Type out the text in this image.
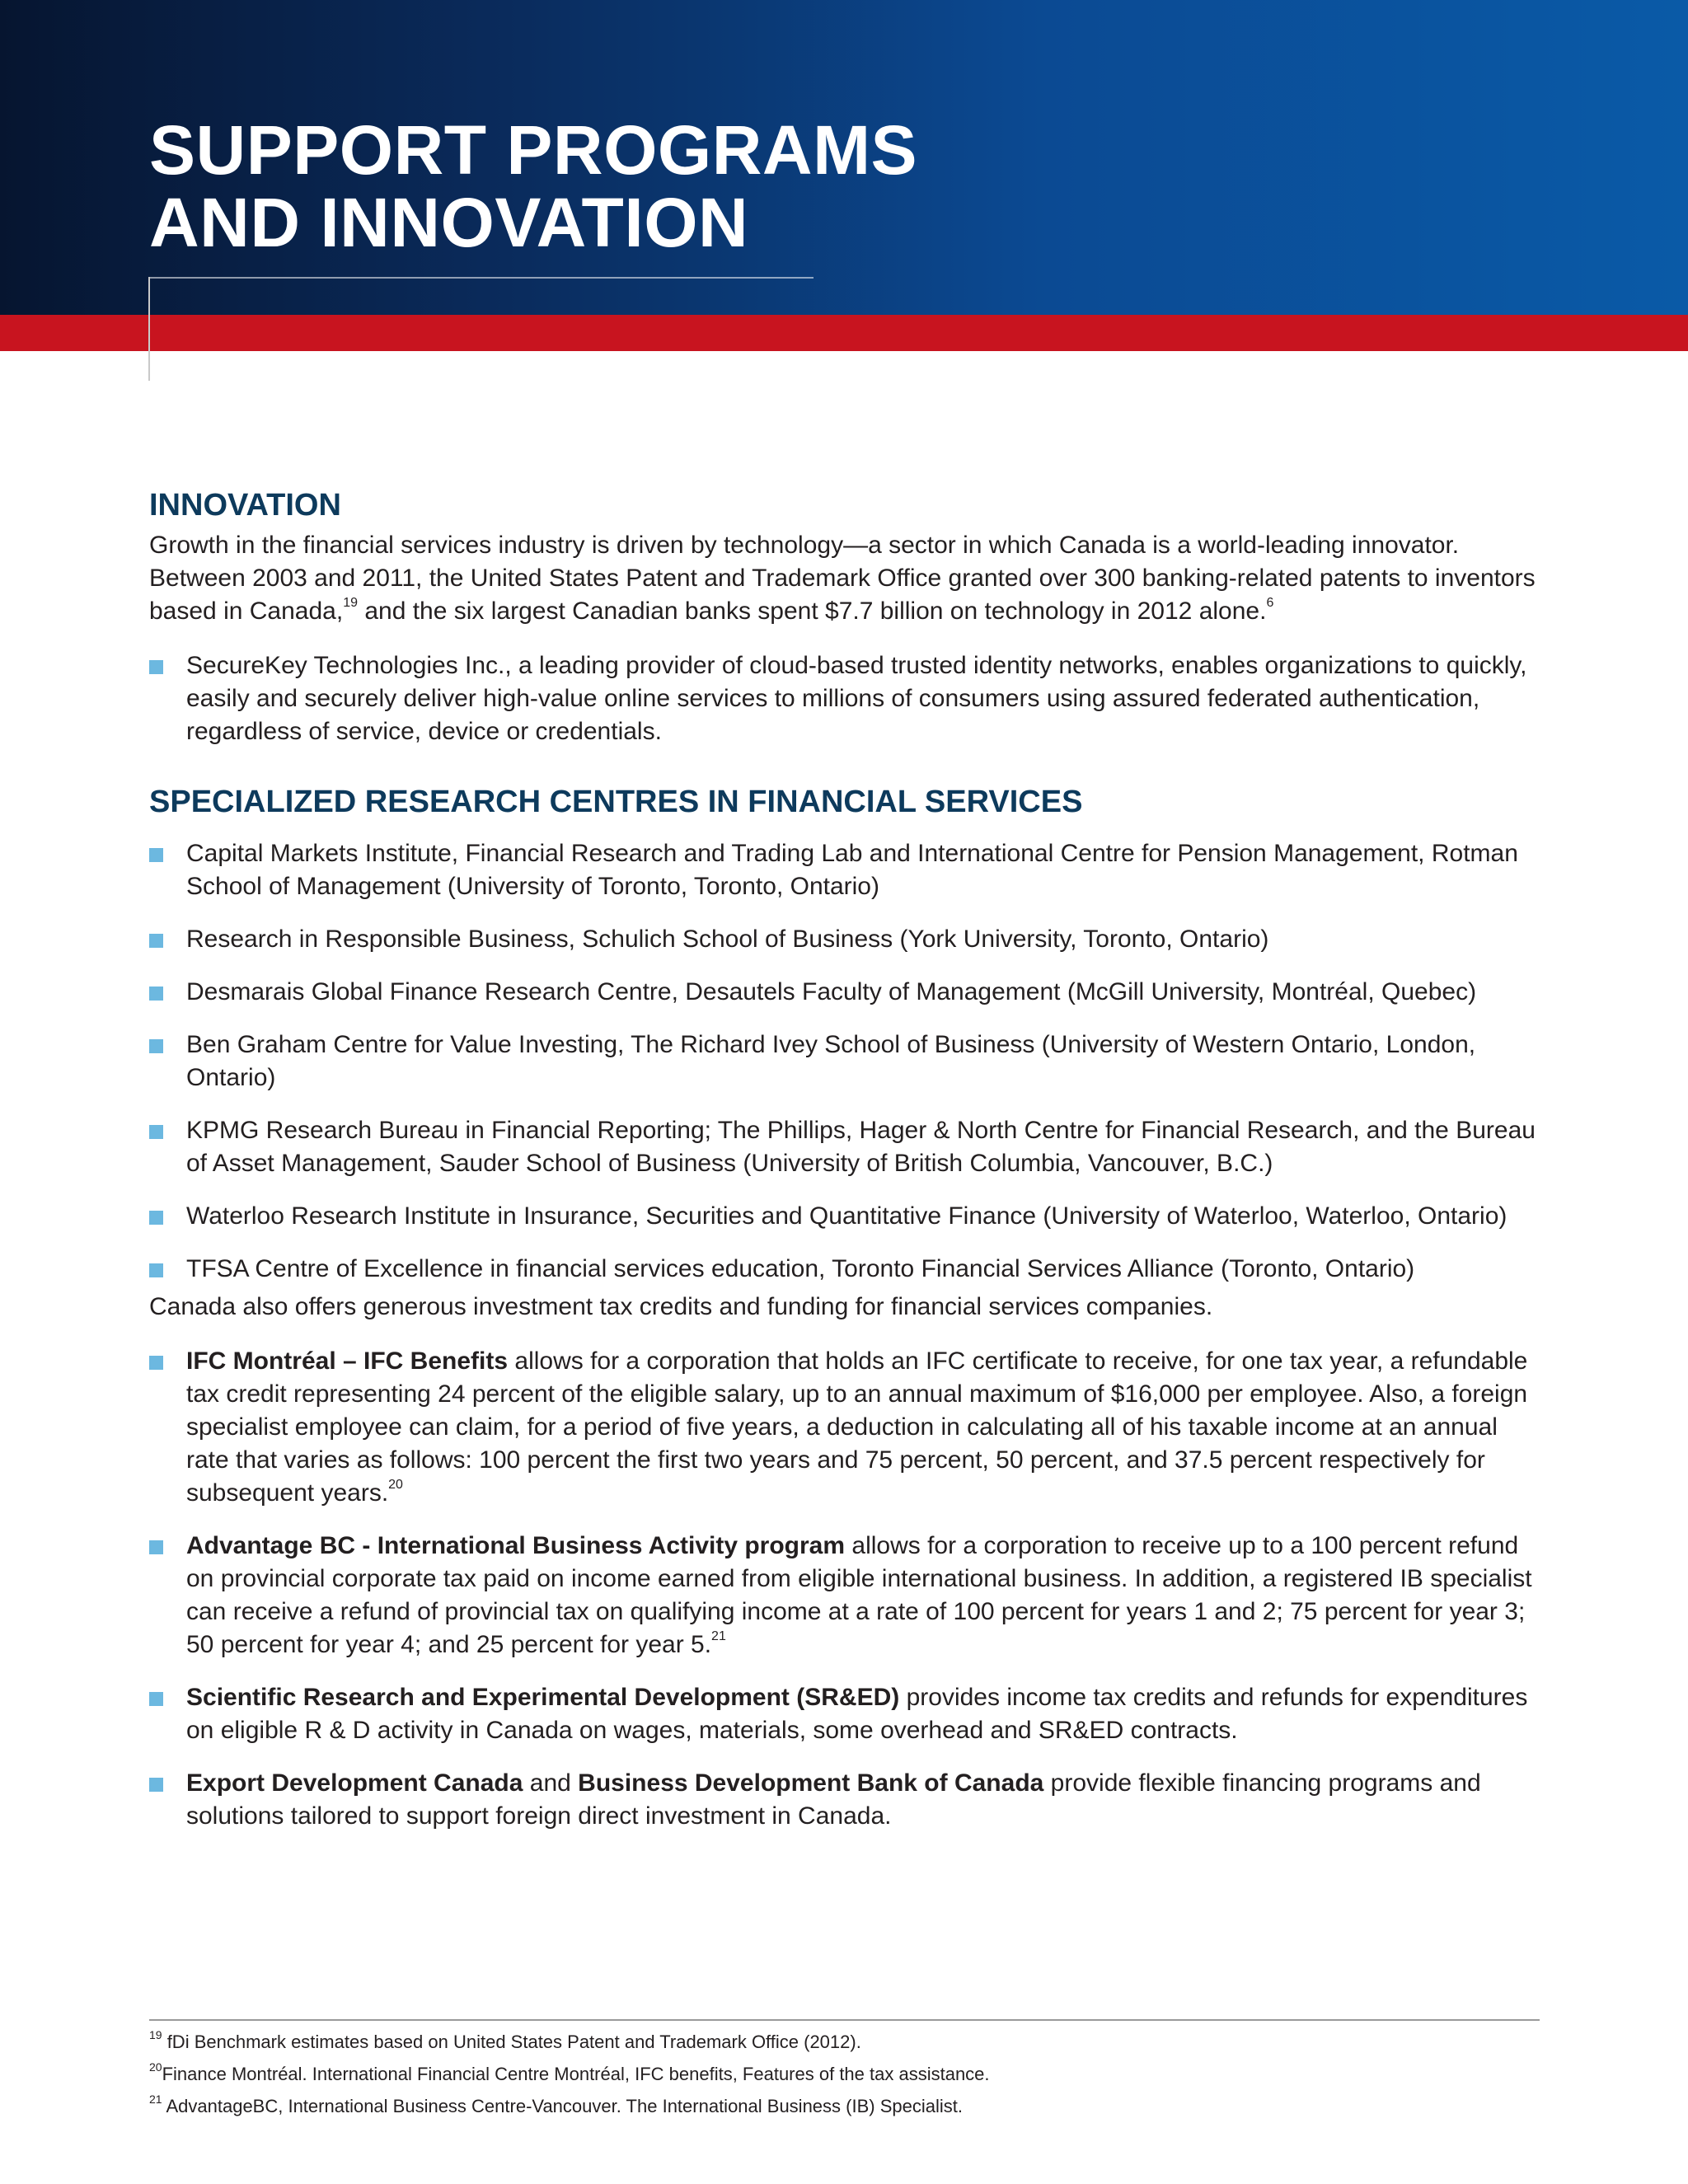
SUPPORT PROGRAMS
AND INNOVATION
INNOVATION

Growth in the financial services industry is driven by technology—a sector in which Canada is a world-leading innovator. Between 2003 and 2011, the United States Patent and Trademark Office granted over 300 banking-related patents to inventors based in Canada,$^{19}$ and the six largest Canadian banks spent $7.7 billion on technology in 2012 alone.$^6$

SecureKey Technologies Inc., a leading provider of cloud-based trusted identity networks, enables organizations to quickly, easily and securely deliver high-value online services to millions of consumers using assured federated authentication, regardless of service, device or credentials.
SPECIALIZED RESEARCH CENTRES IN FINANCIAL SERVICES
Capital Markets Institute, Financial Research and Trading Lab and International Centre for Pension Management, Rotman School of Management (University of Toronto, Toronto, Ontario)
Research in Responsible Business, Schulich School of Business (York University, Toronto, Ontario)
Desmarais Global Finance Research Centre, Desautels Faculty of Management (McGill University, Montréal, Quebec)
Ben Graham Centre for Value Investing, The Richard Ivey School of Business (University of Western Ontario, London, Ontario)
KPMG Research Bureau in Financial Reporting; The Phillips, Hager & North Centre for Financial Research, and the Bureau of Asset Management, Sauder School of Business (University of British Columbia, Vancouver, B.C.)
Waterloo Research Institute in Insurance, Securities and Quantitative Finance (University of Waterloo, Waterloo, Ontario)
TFSA Centre of Excellence in financial services education, Toronto Financial Services Alliance (Toronto, Ontario)

Canada also offers generous investment tax credits and funding for financial services companies.

IFC Montréal – IFC Benefits allows for a corporation that holds an IFC certificate to receive, for one tax year, a refundable tax credit representing 24 percent of the eligible salary, up to an annual maximum of $16,000 per employee. Also, a foreign specialist employee can claim, for a period of five years, a deduction in calculating all of his taxable income at an annual rate that varies as follows: 100 percent the first two years and 75 percent, 50 percent, and 37.5 percent respectively for subsequent years.$^{20}$
Advantage BC - International Business Activity program allows for a corporation to receive up to a 100 percent refund on provincial corporate tax paid on income earned from eligible international business. In addition, a registered IB specialist can receive a refund of provincial tax on qualifying income at a rate of 100 percent for years 1 and 2; 75 percent for year 3; 50 percent for year 4; and 25 percent for year 5.21
Scientific Research and Experimental Development (SR&ED) provides income tax credits and refunds for expenditures on eligible R & D activity in Canada on wages, materials, some overhead and SR&ED contracts.
Export Development Canada and Business Development Bank of Canada provide flexible financing programs and solutions tailored to support foreign direct investment in Canada.
$^{19}$ fDi Benchmark estimates based on United States Patent and Trademark Office (2012).
$^{20}$Finance Montréal. International Financial Centre Montréal, IFC benefits, Features of the tax assistance.
$^{21}$ AdvantageBC, International Business Centre-Vancouver. The International Business (IB) Specialist.
